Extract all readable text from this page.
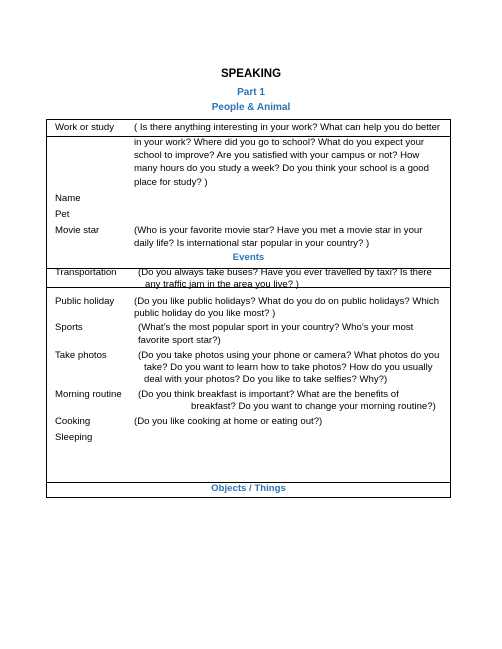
SPEAKING
Part 1
People & Animal
Work or study ( Is there anything interesting in your work? What can help you do better
in your work? Where did you go to school? What do you expect your
school to improve? Are you satisfied with your campus or not? How
many hours do you study a week? Do you think your school is a good
place for study? )
Name
Pet
Movie star	(Who is your favorite movie star? Have you met a movie star in your
daily life? Is international star popular in your country? )
Events
Transportation (Do you always take buses? Have you ever travelled by taxi? Is there
any traffic jam in the area you live? )
Public holiday (Do you like public holidays? What do you do on public holidays? Which
public holiday do you like most? )
Sports	(What’s the most popular sport in your country? Who’s your most
favorite sport star?)
Take photos	(Do you take photos using your phone or camera? What photos do you
take? Do you want to learn how to take photos? How do you usually
deal with your photos? Do you like to take selfies? Why?)
Morning routine (Do you think breakfast is important? What are the benefits of
breakfast? Do you want to change your morning routine?)
Cooking	(Do you like cooking at home or eating out?)
Sleeping
Objects / Things
